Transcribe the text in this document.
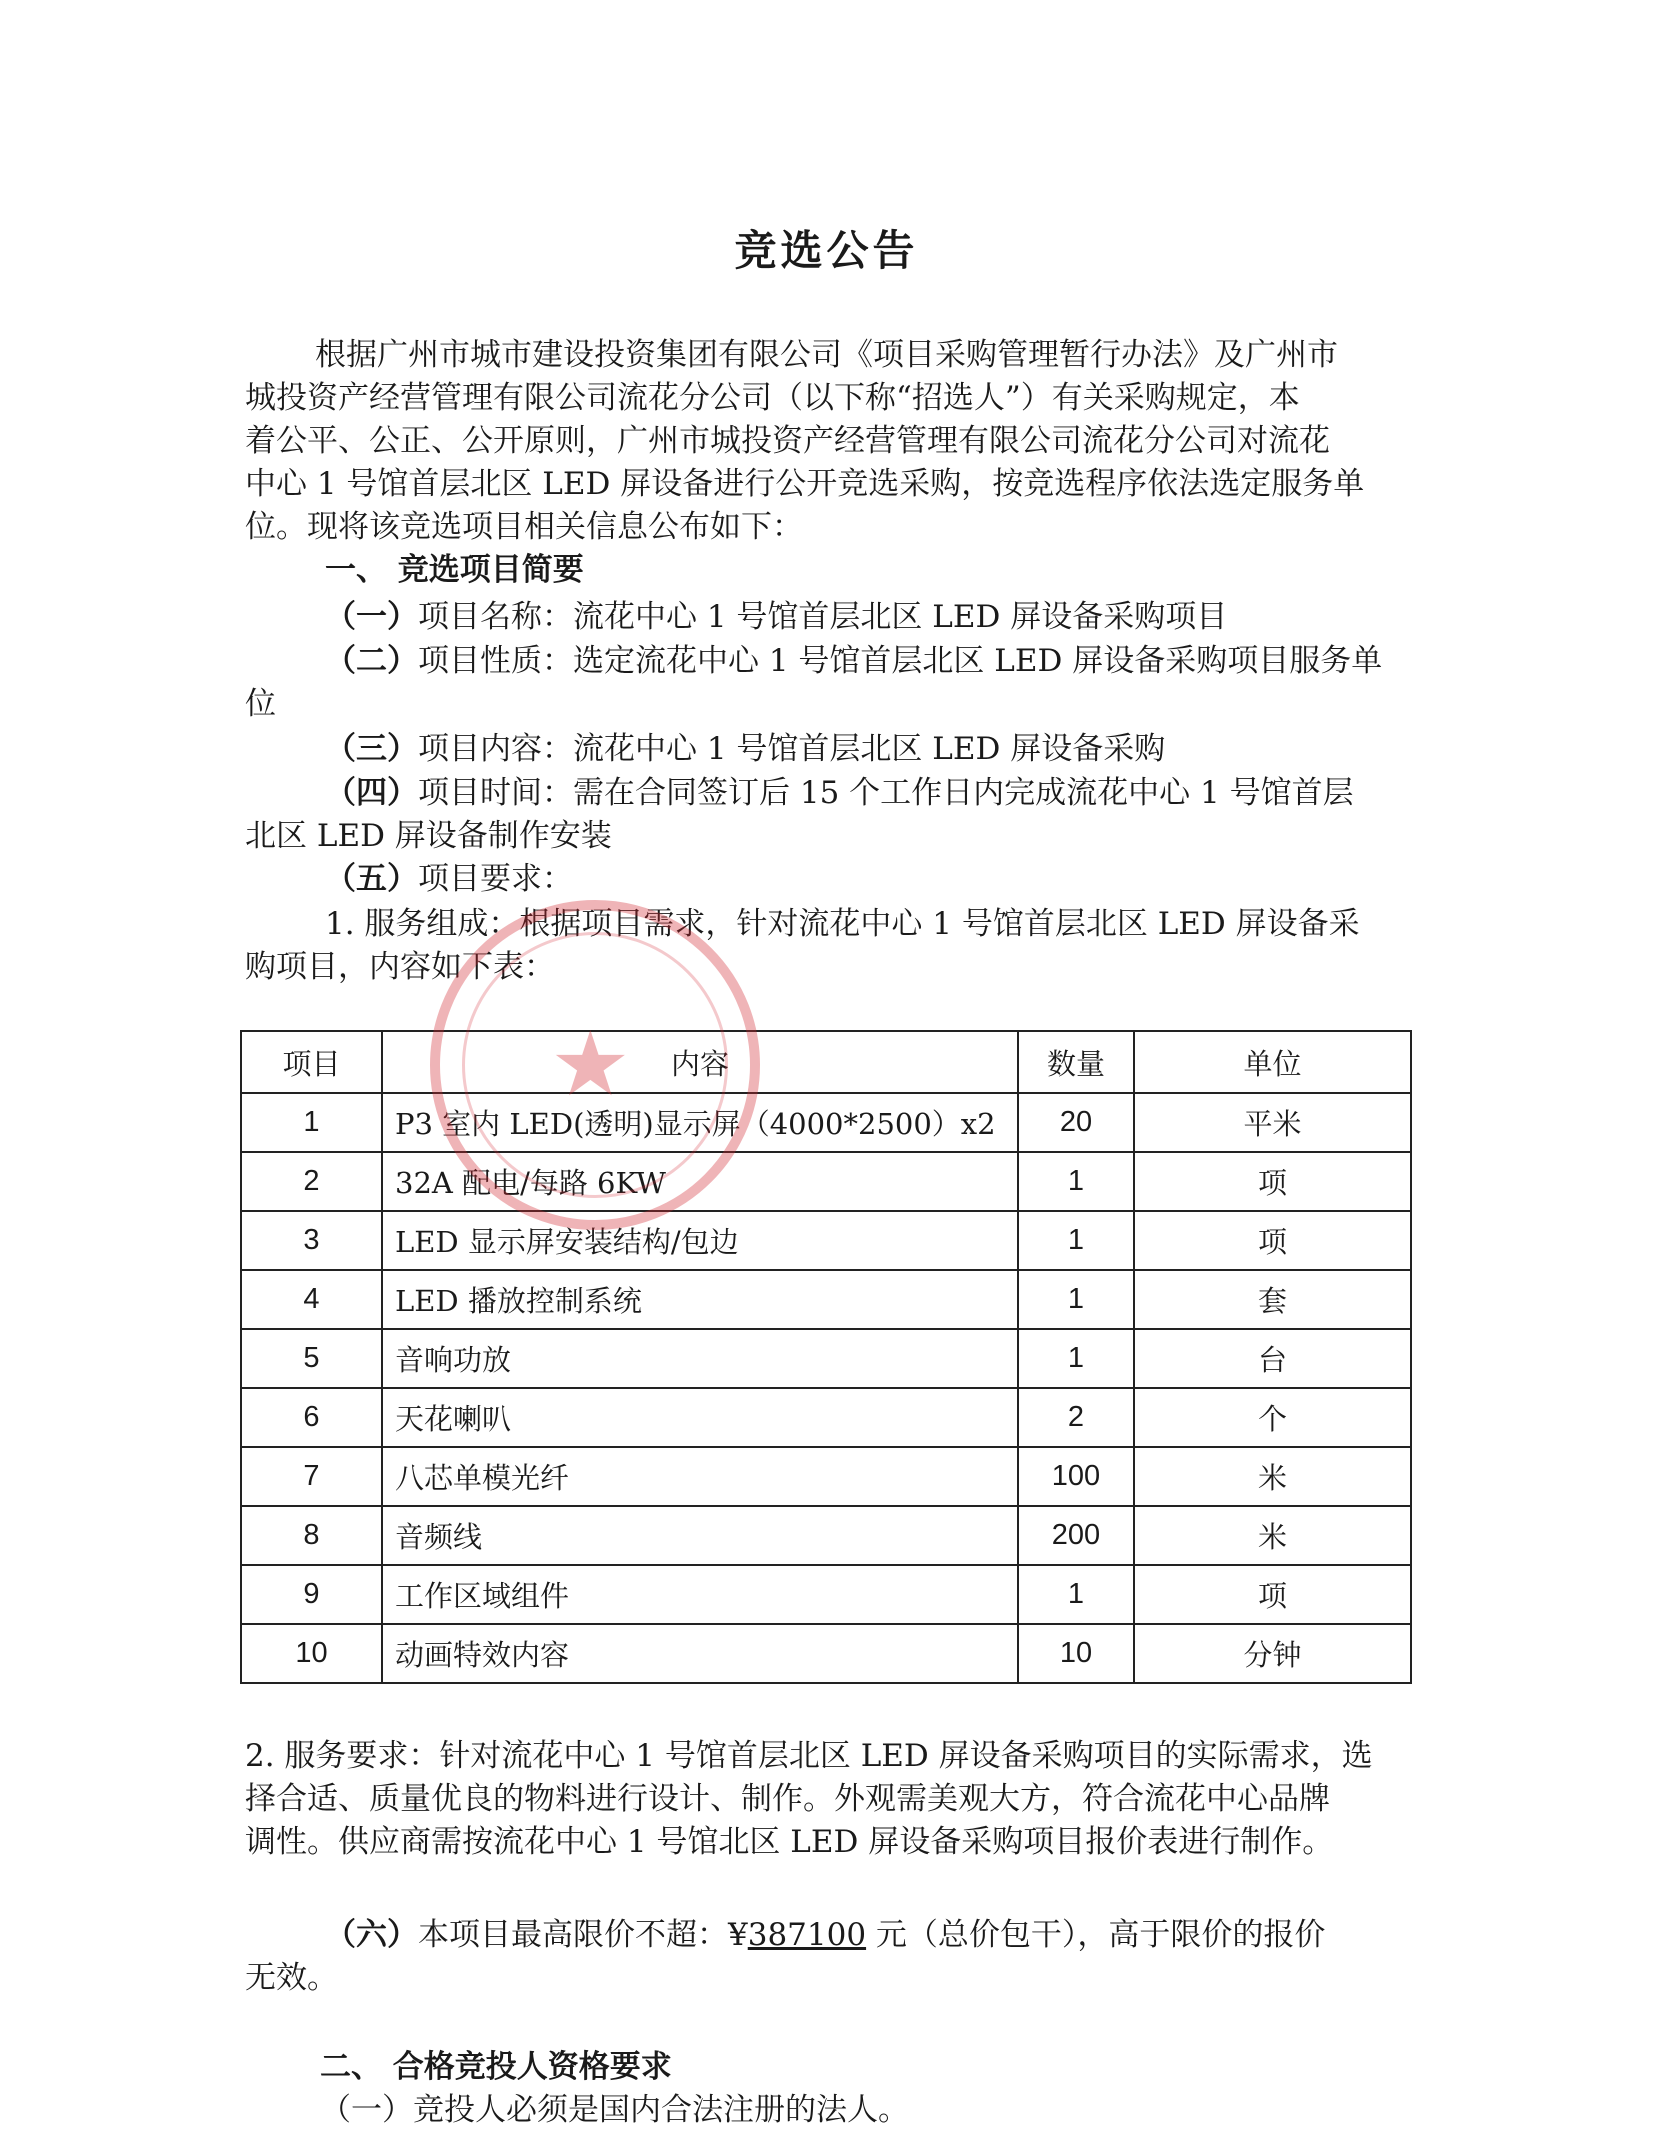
竞选公告
根据广州市城市建设投资集团有限公司《项目采购管理暂行办法》及广州市
城投资产经营管理有限公司流花分公司（以下称“招选人”）有关采购规定，本
着公平、公正、公开原则，广州市城投资产经营管理有限公司流花分公司对流花
中心 1 号馆首层北区 LED 屏设备进行公开竞选采购，按竞选程序依法选定服务单
位。现将该竞选项目相关信息公布如下：
一、 竞选项目简要
（一）项目名称：流花中心 1 号馆首层北区 LED 屏设备采购项目
（二）项目性质：选定流花中心 1 号馆首层北区 LED 屏设备采购项目服务单
位
（三）项目内容：流花中心 1 号馆首层北区 LED 屏设备采购
（四）项目时间：需在合同签订后 15 个工作日内完成流花中心 1 号馆首层
北区 LED 屏设备制作安装
（五）项目要求：
1. 服务组成：根据项目需求，针对流花中心 1 号馆首层北区 LED 屏设备采
购项目，内容如下表：
项目	内容	数量	单位
1	P3 室内 LED(透明)显示屏（4000*2500）x2	20	平米
2	32A 配电/每路 6KW	1	项
3	LED 显示屏安装结构/包边	1	项
4	LED 播放控制系统	1	套
5	音响功放	1	台
6	天花喇叭	2	个
7	八芯单模光纤	100	米
8	音频线	200	米
9	工作区域组件	1	项
10	动画特效内容	10	分钟
★
2. 服务要求：针对流花中心 1 号馆首层北区 LED 屏设备采购项目的实际需求，选
择合适、质量优良的物料进行设计、制作。外观需美观大方，符合流花中心品牌
调性。供应商需按流花中心 1 号馆北区 LED 屏设备采购项目报价表进行制作。
（六）本项目最高限价不超：¥387100 元（总价包干），高于限价的报价
无效。
二、 合格竞投人资格要求
（一）竞投人必须是国内合法注册的法人。
